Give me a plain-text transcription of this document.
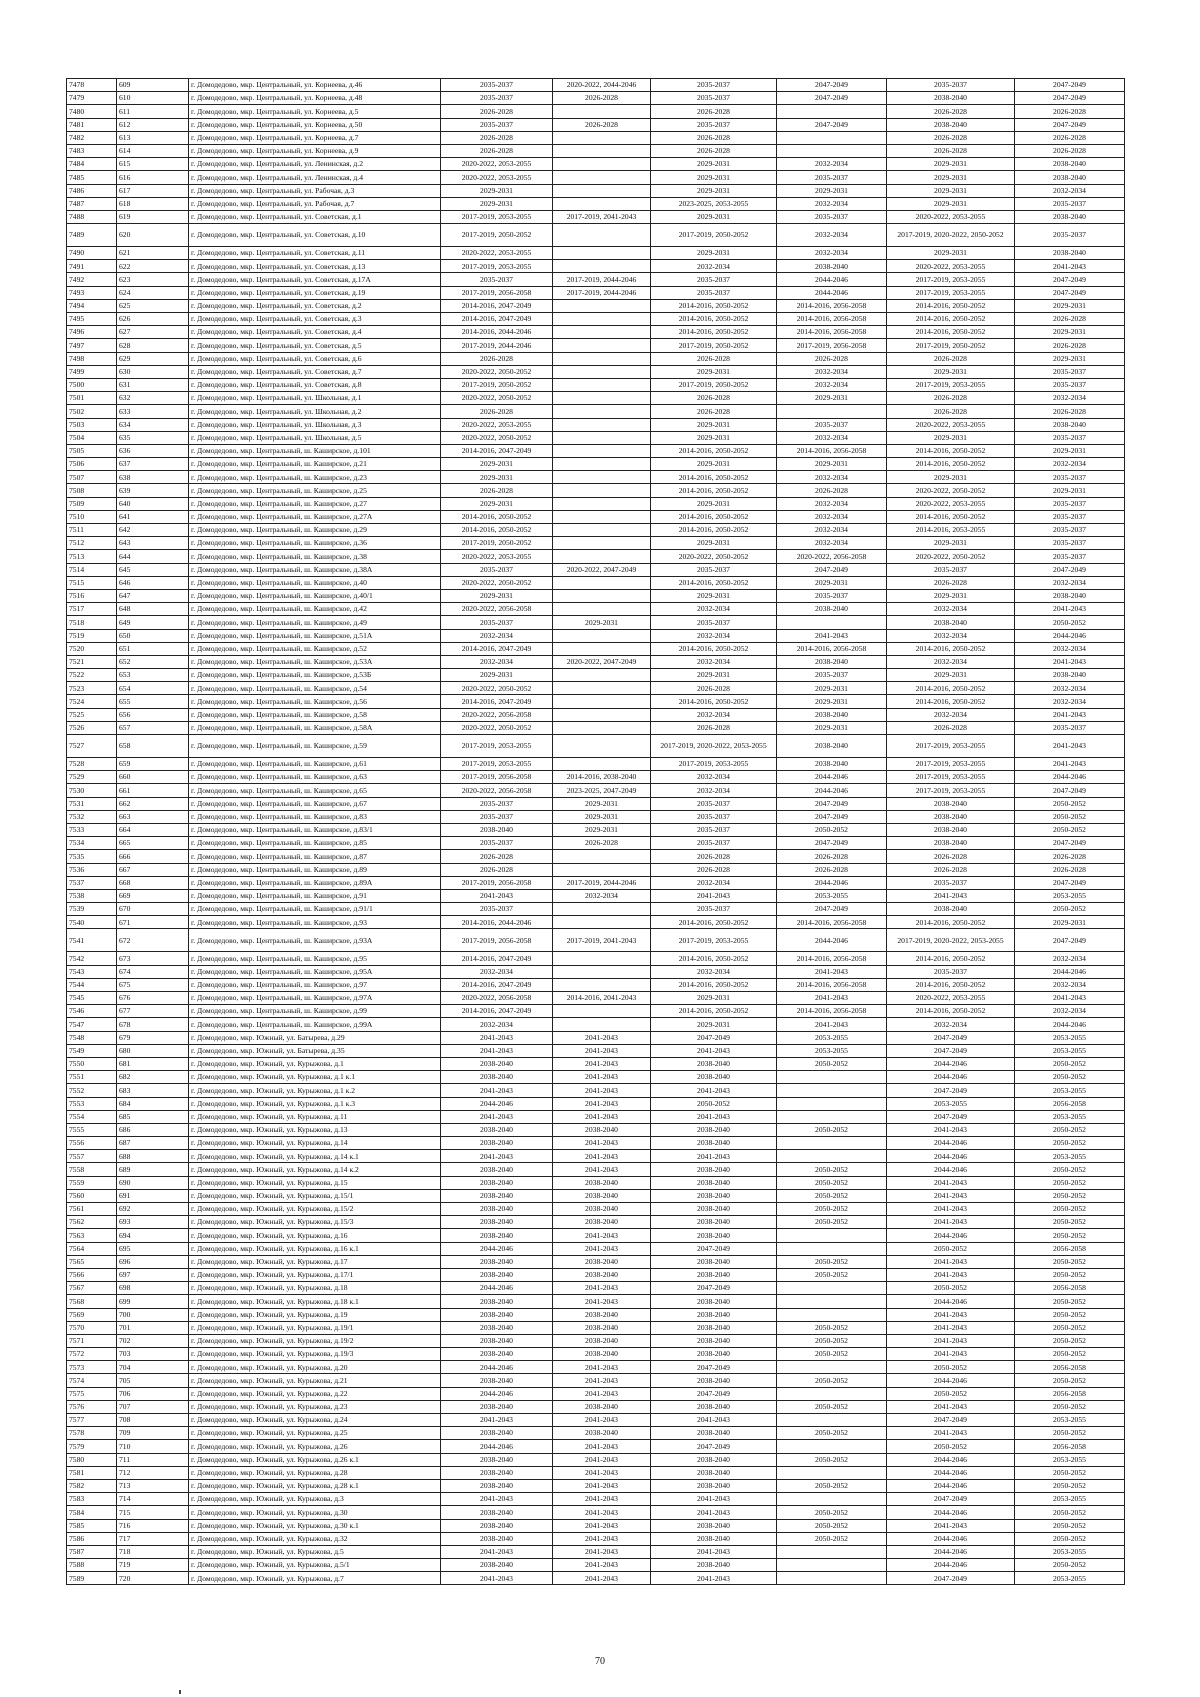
7478	609	г. Домодедово, мкр. Центральный, ул. Корнеева, д.46	2035-2037	2020-2022, 2044-2046	2035-2037	2047-2049	2035-2037	2047-2049
7479	610	г. Домодедово, мкр. Центральный, ул. Корнеева, д.48	2035-2037	2026-2028	2035-2037	2047-2049	2038-2040	2047-2049
7480	611	г. Домодедово, мкр. Центральный, ул. Корнеева, д.5	2026-2028		2026-2028		2026-2028	2026-2028
7481	612	г. Домодедово, мкр. Центральный, ул. Корнеева, д.50	2035-2037	2026-2028	2035-2037	2047-2049	2038-2040	2047-2049
7482	613	г. Домодедово, мкр. Центральный, ул. Корнеева, д.7	2026-2028		2026-2028		2026-2028	2026-2028
7483	614	г. Домодедово, мкр. Центральный, ул. Корнеева, д.9	2026-2028		2026-2028		2026-2028	2026-2028
7484	615	г. Домодедово, мкр. Центральный, ул. Ленинская, д.2	2020-2022, 2053-2055		2029-2031	2032-2034	2029-2031	2038-2040
7485	616	г. Домодедово, мкр. Центральный, ул. Ленинская, д.4	2020-2022, 2053-2055		2029-2031	2035-2037	2029-2031	2038-2040
7486	617	г. Домодедово, мкр. Центральный, ул. Рабочая, д.3	2029-2031		2029-2031	2029-2031	2029-2031	2032-2034
7487	618	г. Домодедово, мкр. Центральный, ул. Рабочая, д.7	2029-2031		2023-2025, 2053-2055	2032-2034	2029-2031	2035-2037
7488	619	г. Домодедово, мкр. Центральный, ул. Советская, д.1	2017-2019, 2053-2055	2017-2019, 2041-2043	2029-2031	2035-2037	2020-2022, 2053-2055	2038-2040
7489	620	г. Домодедово, мкр. Центральный, ул. Советская, д.10	2017-2019, 2050-2052		2017-2019, 2050-2052	2032-2034	2017-2019, 2020-2022, 2050-2052	2035-2037
7490	621	г. Домодедово, мкр. Центральный, ул. Советская, д.11	2020-2022, 2053-2055		2029-2031	2032-2034	2029-2031	2038-2040
7491	622	г. Домодедово, мкр. Центральный, ул. Советская, д.13	2017-2019, 2053-2055		2032-2034	2038-2040	2020-2022, 2053-2055	2041-2043
7492	623	г. Домодедово, мкр. Центральный, ул. Советская, д.17А	2035-2037	2017-2019, 2044-2046	2035-2037	2044-2046	2017-2019, 2053-2055	2047-2049
7493	624	г. Домодедово, мкр. Центральный, ул. Советская, д.19	2017-2019, 2056-2058	2017-2019, 2044-2046	2035-2037	2044-2046	2017-2019, 2053-2055	2047-2049
7494	625	г. Домодедово, мкр. Центральный, ул. Советская, д.2	2014-2016, 2047-2049		2014-2016, 2050-2052	2014-2016, 2056-2058	2014-2016, 2050-2052	2029-2031
7495	626	г. Домодедово, мкр. Центральный, ул. Советская, д.3	2014-2016, 2047-2049		2014-2016, 2050-2052	2014-2016, 2056-2058	2014-2016, 2050-2052	2026-2028
7496	627	г. Домодедово, мкр. Центральный, ул. Советская, д.4	2014-2016, 2044-2046		2014-2016, 2050-2052	2014-2016, 2056-2058	2014-2016, 2050-2052	2029-2031
7497	628	г. Домодедово, мкр. Центральный, ул. Советская, д.5	2017-2019, 2044-2046		2017-2019, 2050-2052	2017-2019, 2056-2058	2017-2019, 2050-2052	2026-2028
7498	629	г. Домодедово, мкр. Центральный, ул. Советская, д.6	2026-2028		2026-2028	2026-2028	2026-2028	2029-2031
7499	630	г. Домодедово, мкр. Центральный, ул. Советская, д.7	2020-2022, 2050-2052		2029-2031	2032-2034	2029-2031	2035-2037
7500	631	г. Домодедово, мкр. Центральный, ул. Советская, д.8	2017-2019, 2050-2052		2017-2019, 2050-2052	2032-2034	2017-2019, 2053-2055	2035-2037
7501	632	г. Домодедово, мкр. Центральный, ул. Школьная, д.1	2020-2022, 2050-2052		2026-2028	2029-2031	2026-2028	2032-2034
7502	633	г. Домодедово, мкр. Центральный, ул. Школьная, д.2	2026-2028		2026-2028		2026-2028	2026-2028
7503	634	г. Домодедово, мкр. Центральный, ул. Школьная, д.3	2020-2022, 2053-2055		2029-2031	2035-2037	2020-2022, 2053-2055	2038-2040
7504	635	г. Домодедово, мкр. Центральный, ул. Школьная, д.5	2020-2022, 2050-2052		2029-2031	2032-2034	2029-2031	2035-2037
7505	636	г. Домодедово, мкр. Центральный, ш. Каширское, д.101	2014-2016, 2047-2049		2014-2016, 2050-2052	2014-2016, 2056-2058	2014-2016, 2050-2052	2029-2031
7506	637	г. Домодедово, мкр. Центральный, ш. Каширское, д.21	2029-2031		2029-2031	2029-2031	2014-2016, 2050-2052	2032-2034
7507	638	г. Домодедово, мкр. Центральный, ш. Каширское, д.23	2029-2031		2014-2016, 2050-2052	2032-2034	2029-2031	2035-2037
7508	639	г. Домодедово, мкр. Центральный, ш. Каширское, д.25	2026-2028		2014-2016, 2050-2052	2026-2028	2020-2022, 2050-2052	2029-2031
7509	640	г. Домодедово, мкр. Центральный, ш. Каширское, д.27	2029-2031		2029-2031	2032-2034	2020-2022, 2053-2055	2035-2037
7510	641	г. Домодедово, мкр. Центральный, ш. Каширское, д.27А	2014-2016, 2050-2052		2014-2016, 2050-2052	2032-2034	2014-2016, 2050-2052	2035-2037
7511	642	г. Домодедово, мкр. Центральный, ш. Каширское, д.29	2014-2016, 2050-2052		2014-2016, 2050-2052	2032-2034	2014-2016, 2053-2055	2035-2037
7512	643	г. Домодедово, мкр. Центральный, ш. Каширское, д.36	2017-2019, 2050-2052		2029-2031	2032-2034	2029-2031	2035-2037
7513	644	г. Домодедово, мкр. Центральный, ш. Каширское, д.38	2020-2022, 2053-2055		2020-2022, 2050-2052	2020-2022, 2056-2058	2020-2022, 2050-2052	2035-2037
7514	645	г. Домодедово, мкр. Центральный, ш. Каширское, д.38А	2035-2037	2020-2022, 2047-2049	2035-2037	2047-2049	2035-2037	2047-2049
7515	646	г. Домодедово, мкр. Центральный, ш. Каширское, д.40	2020-2022, 2050-2052		2014-2016, 2050-2052	2029-2031	2026-2028	2032-2034
7516	647	г. Домодедово, мкр. Центральный, ш. Каширское, д.40/1	2029-2031		2029-2031	2035-2037	2029-2031	2038-2040
7517	648	г. Домодедово, мкр. Центральный, ш. Каширское, д.42	2020-2022, 2056-2058		2032-2034	2038-2040	2032-2034	2041-2043
7518	649	г. Домодедово, мкр. Центральный, ш. Каширское, д.49	2035-2037	2029-2031	2035-2037		2038-2040	2050-2052
7519	650	г. Домодедово, мкр. Центральный, ш. Каширское, д.51А	2032-2034		2032-2034	2041-2043	2032-2034	2044-2046
7520	651	г. Домодедово, мкр. Центральный, ш. Каширское, д.52	2014-2016, 2047-2049		2014-2016, 2050-2052	2014-2016, 2056-2058	2014-2016, 2050-2052	2032-2034
7521	652	г. Домодедово, мкр. Центральный, ш. Каширское, д.53А	2032-2034	2020-2022, 2047-2049	2032-2034	2038-2040	2032-2034	2041-2043
7522	653	г. Домодедово, мкр. Центральный, ш. Каширское, д.53Б	2029-2031		2029-2031	2035-2037	2029-2031	2038-2040
7523	654	г. Домодедово, мкр. Центральный, ш. Каширское, д.54	2020-2022, 2050-2052		2026-2028	2029-2031	2014-2016, 2050-2052	2032-2034
7524	655	г. Домодедово, мкр. Центральный, ш. Каширское, д.56	2014-2016, 2047-2049		2014-2016, 2050-2052	2029-2031	2014-2016, 2050-2052	2032-2034
7525	656	г. Домодедово, мкр. Центральный, ш. Каширское, д.58	2020-2022, 2056-2058		2032-2034	2038-2040	2032-2034	2041-2043
7526	657	г. Домодедово, мкр. Центральный, ш. Каширское, д.58А	2020-2022, 2050-2052		2026-2028	2029-2031	2026-2028	2035-2037
7527	658	г. Домодедово, мкр. Центральный, ш. Каширское, д.59	2017-2019, 2053-2055		2017-2019, 2020-2022, 2053-2055	2038-2040	2017-2019, 2053-2055	2041-2043
7528	659	г. Домодедово, мкр. Центральный, ш. Каширское, д.61	2017-2019, 2053-2055		2017-2019, 2053-2055	2038-2040	2017-2019, 2053-2055	2041-2043
7529	660	г. Домодедово, мкр. Центральный, ш. Каширское, д.63	2017-2019, 2056-2058	2014-2016, 2038-2040	2032-2034	2044-2046	2017-2019, 2053-2055	2044-2046
7530	661	г. Домодедово, мкр. Центральный, ш. Каширское, д.65	2020-2022, 2056-2058	2023-2025, 2047-2049	2032-2034	2044-2046	2017-2019, 2053-2055	2047-2049
7531	662	г. Домодедово, мкр. Центральный, ш. Каширское, д.67	2035-2037	2029-2031	2035-2037	2047-2049	2038-2040	2050-2052
7532	663	г. Домодедово, мкр. Центральный, ш. Каширское, д.83	2035-2037	2029-2031	2035-2037	2047-2049	2038-2040	2050-2052
7533	664	г. Домодедово, мкр. Центральный, ш. Каширское, д.83/1	2038-2040	2029-2031	2035-2037	2050-2052	2038-2040	2050-2052
7534	665	г. Домодедово, мкр. Центральный, ш. Каширское, д.85	2035-2037	2026-2028	2035-2037	2047-2049	2038-2040	2047-2049
7535	666	г. Домодедово, мкр. Центральный, ш. Каширское, д.87	2026-2028		2026-2028	2026-2028	2026-2028	2026-2028
7536	667	г. Домодедово, мкр. Центральный, ш. Каширское, д.89	2026-2028		2026-2028	2026-2028	2026-2028	2026-2028
7537	668	г. Домодедово, мкр. Центральный, ш. Каширское, д.89А	2017-2019, 2056-2058	2017-2019, 2044-2046	2032-2034	2044-2046	2035-2037	2047-2049
7538	669	г. Домодедово, мкр. Центральный, ш. Каширское, д.91	2041-2043	2032-2034	2041-2043	2053-2055	2041-2043	2053-2055
7539	670	г. Домодедово, мкр. Центральный, ш. Каширское, д.91/1	2035-2037		2035-2037	2047-2049	2038-2040	2050-2052
7540	671	г. Домодедово, мкр. Центральный, ш. Каширское, д.93	2014-2016, 2044-2046		2014-2016, 2050-2052	2014-2016, 2056-2058	2014-2016, 2050-2052	2029-2031
7541	672	г. Домодедово, мкр. Центральный, ш. Каширское, д.93А	2017-2019, 2056-2058	2017-2019, 2041-2043	2017-2019, 2053-2055	2044-2046	2017-2019, 2020-2022, 2053-2055	2047-2049
7542	673	г. Домодедово, мкр. Центральный, ш. Каширское, д.95	2014-2016, 2047-2049		2014-2016, 2050-2052	2014-2016, 2056-2058	2014-2016, 2050-2052	2032-2034
7543	674	г. Домодедово, мкр. Центральный, ш. Каширское, д.95А	2032-2034		2032-2034	2041-2043	2035-2037	2044-2046
7544	675	г. Домодедово, мкр. Центральный, ш. Каширское, д.97	2014-2016, 2047-2049		2014-2016, 2050-2052	2014-2016, 2056-2058	2014-2016, 2050-2052	2032-2034
7545	676	г. Домодедово, мкр. Центральный, ш. Каширское, д.97А	2020-2022, 2056-2058	2014-2016, 2041-2043	2029-2031	2041-2043	2020-2022, 2053-2055	2041-2043
7546	677	г. Домодедово, мкр. Центральный, ш. Каширское, д.99	2014-2016, 2047-2049		2014-2016, 2050-2052	2014-2016, 2056-2058	2014-2016, 2050-2052	2032-2034
7547	678	г. Домодедово, мкр. Центральный, ш. Каширское, д.99А	2032-2034		2029-2031	2041-2043	2032-2034	2044-2046
7548	679	г. Домодедово, мкр. Южный, ул. Батырева, д.29	2041-2043	2041-2043	2047-2049	2053-2055	2047-2049	2053-2055
7549	680	г. Домодедово, мкр. Южный, ул. Батырева, д.35	2041-2043	2041-2043	2041-2043	2053-2055	2047-2049	2053-2055
7550	681	г. Домодедово, мкр. Южный, ул. Курыжова, д.1	2038-2040	2041-2043	2038-2040	2050-2052	2044-2046	2050-2052
7551	682	г. Домодедово, мкр. Южный, ул. Курыжова, д.1 к.1	2038-2040	2041-2043	2038-2040		2044-2046	2050-2052
7552	683	г. Домодедово, мкр. Южный, ул. Курыжова, д.1 к.2	2041-2043	2041-2043	2041-2043		2047-2049	2053-2055
7553	684	г. Домодедово, мкр. Южный, ул. Курыжова, д.1 к.3	2044-2046	2041-2043	2050-2052		2053-2055	2056-2058
7554	685	г. Домодедово, мкр. Южный, ул. Курыжова, д.11	2041-2043	2041-2043	2041-2043		2047-2049	2053-2055
7555	686	г. Домодедово, мкр. Южный, ул. Курыжова, д.13	2038-2040	2038-2040	2038-2040	2050-2052	2041-2043	2050-2052
7556	687	г. Домодедово, мкр. Южный, ул. Курыжова, д.14	2038-2040	2041-2043	2038-2040		2044-2046	2050-2052
7557	688	г. Домодедово, мкр. Южный, ул. Курыжова, д.14 к.1	2041-2043	2041-2043	2041-2043		2044-2046	2053-2055
7558	689	г. Домодедово, мкр. Южный, ул. Курыжова, д.14 к.2	2038-2040	2041-2043	2038-2040	2050-2052	2044-2046	2050-2052
7559	690	г. Домодедово, мкр. Южный, ул. Курыжова, д.15	2038-2040	2038-2040	2038-2040	2050-2052	2041-2043	2050-2052
7560	691	г. Домодедово, мкр. Южный, ул. Курыжова, д.15/1	2038-2040	2038-2040	2038-2040	2050-2052	2041-2043	2050-2052
7561	692	г. Домодедово, мкр. Южный, ул. Курыжова, д.15/2	2038-2040	2038-2040	2038-2040	2050-2052	2041-2043	2050-2052
7562	693	г. Домодедово, мкр. Южный, ул. Курыжова, д.15/3	2038-2040	2038-2040	2038-2040	2050-2052	2041-2043	2050-2052
7563	694	г. Домодедово, мкр. Южный, ул. Курыжова, д.16	2038-2040	2041-2043	2038-2040		2044-2046	2050-2052
7564	695	г. Домодедово, мкр. Южный, ул. Курыжова, д.16 к.1	2044-2046	2041-2043	2047-2049		2050-2052	2056-2058
7565	696	г. Домодедово, мкр. Южный, ул. Курыжова, д.17	2038-2040	2038-2040	2038-2040	2050-2052	2041-2043	2050-2052
7566	697	г. Домодедово, мкр. Южный, ул. Курыжова, д.17/1	2038-2040	2038-2040	2038-2040	2050-2052	2041-2043	2050-2052
7567	698	г. Домодедово, мкр. Южный, ул. Курыжова, д.18	2044-2046	2041-2043	2047-2049		2050-2052	2056-2058
7568	699	г. Домодедово, мкр. Южный, ул. Курыжова, д.18 к.1	2038-2040	2041-2043	2038-2040		2044-2046	2050-2052
7569	700	г. Домодедово, мкр. Южный, ул. Курыжова, д.19	2038-2040	2038-2040	2038-2040		2041-2043	2050-2052
7570	701	г. Домодедово, мкр. Южный, ул. Курыжова, д.19/1	2038-2040	2038-2040	2038-2040	2050-2052	2041-2043	2050-2052
7571	702	г. Домодедово, мкр. Южный, ул. Курыжова, д.19/2	2038-2040	2038-2040	2038-2040	2050-2052	2041-2043	2050-2052
7572	703	г. Домодедово, мкр. Южный, ул. Курыжова, д.19/3	2038-2040	2038-2040	2038-2040	2050-2052	2041-2043	2050-2052
7573	704	г. Домодедово, мкр. Южный, ул. Курыжова, д.20	2044-2046	2041-2043	2047-2049		2050-2052	2056-2058
7574	705	г. Домодедово, мкр. Южный, ул. Курыжова, д.21	2038-2040	2041-2043	2038-2040	2050-2052	2044-2046	2050-2052
7575	706	г. Домодедово, мкр. Южный, ул. Курыжова, д.22	2044-2046	2041-2043	2047-2049		2050-2052	2056-2058
7576	707	г. Домодедово, мкр. Южный, ул. Курыжова, д.23	2038-2040	2038-2040	2038-2040	2050-2052	2041-2043	2050-2052
7577	708	г. Домодедово, мкр. Южный, ул. Курыжова, д.24	2041-2043	2041-2043	2041-2043		2047-2049	2053-2055
7578	709	г. Домодедово, мкр. Южный, ул. Курыжова, д.25	2038-2040	2038-2040	2038-2040	2050-2052	2041-2043	2050-2052
7579	710	г. Домодедово, мкр. Южный, ул. Курыжова, д.26	2044-2046	2041-2043	2047-2049		2050-2052	2056-2058
7580	711	г. Домодедово, мкр. Южный, ул. Курыжова, д.26 к.1	2038-2040	2041-2043	2038-2040	2050-2052	2044-2046	2053-2055
7581	712	г. Домодедово, мкр. Южный, ул. Курыжова, д.28	2038-2040	2041-2043	2038-2040		2044-2046	2050-2052
7582	713	г. Домодедово, мкр. Южный, ул. Курыжова, д.28 к.1	2038-2040	2041-2043	2038-2040	2050-2052	2044-2046	2050-2052
7583	714	г. Домодедово, мкр. Южный, ул. Курыжова, д.3	2041-2043	2041-2043	2041-2043		2047-2049	2053-2055
7584	715	г. Домодедово, мкр. Южный, ул. Курыжова, д.30	2038-2040	2041-2043	2041-2043	2050-2052	2044-2046	2050-2052
7585	716	г. Домодедово, мкр. Южный, ул. Курыжова, д.30 к.1	2038-2040	2041-2043	2038-2040	2050-2052	2041-2043	2050-2052
7586	717	г. Домодедово, мкр. Южный, ул. Курыжова, д.32	2038-2040	2041-2043	2038-2040	2050-2052	2044-2046	2050-2052
7587	718	г. Домодедово, мкр. Южный, ул. Курыжова, д.5	2041-2043	2041-2043	2041-2043		2044-2046	2053-2055
7588	719	г. Домодедово, мкр. Южный, ул. Курыжова, д.5/1	2038-2040	2041-2043	2038-2040		2044-2046	2050-2052
7589	720	г. Домодедово, мкр. Южный, ул. Курыжова, д.7	2041-2043	2041-2043	2041-2043		2047-2049	2053-2055
70
